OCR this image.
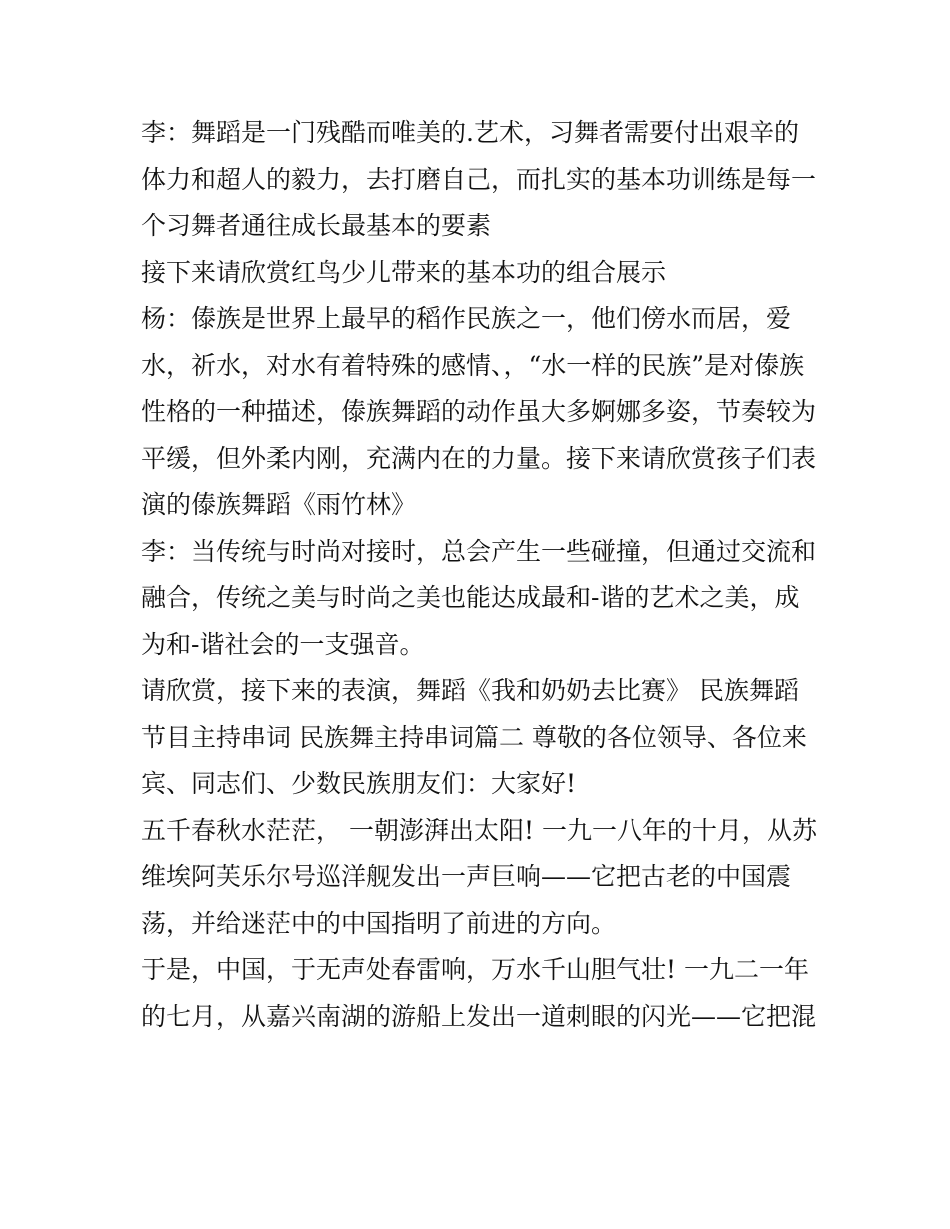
李：舞蹈是一门残酷而唯美的.艺术，习舞者需要付出艰辛的
体力和超人的毅力，去打磨自己，而扎实的基本功训练是每一
个习舞者通往成长最基本的要素
接下来请欣赏红鸟少儿带来的基本功的组合展示
杨：傣族是世界上最早的稻作民族之一，他们傍水而居，爱
水，祈水，对水有着特殊的感情、，“水一样的民族”是对傣族
性格的一种描述，傣族舞蹈的动作虽大多婀娜多姿，节奏较为
平缓，但外柔内刚，充满内在的力量。接下来请欣赏孩子们表
演的傣族舞蹈《雨竹林》
李：当传统与时尚对接时，总会产生一些碰撞，但通过交流和
融合，传统之美与时尚之美也能达成最和-谐的艺术之美，成
为和-谐社会的一支强音。
请欣赏，接下来的表演，舞蹈《我和奶奶去比赛》 民族舞蹈
节目主持串词 民族舞主持串词篇二 尊敬的各位领导、各位来
宾、同志们、少数民族朋友们：大家好!
五千春秋水茫茫， 一朝澎湃出太阳! 一九一八年的十月，从苏
维埃阿芙乐尔号巡洋舰发出一声巨响——它把古老的中国震
荡，并给迷茫中的中国指明了前进的方向。
于是，中国，于无声处春雷响，万水千山胆气壮! 一九二一年
的七月，从嘉兴南湖的游船上发出一道刺眼的闪光——它把混
